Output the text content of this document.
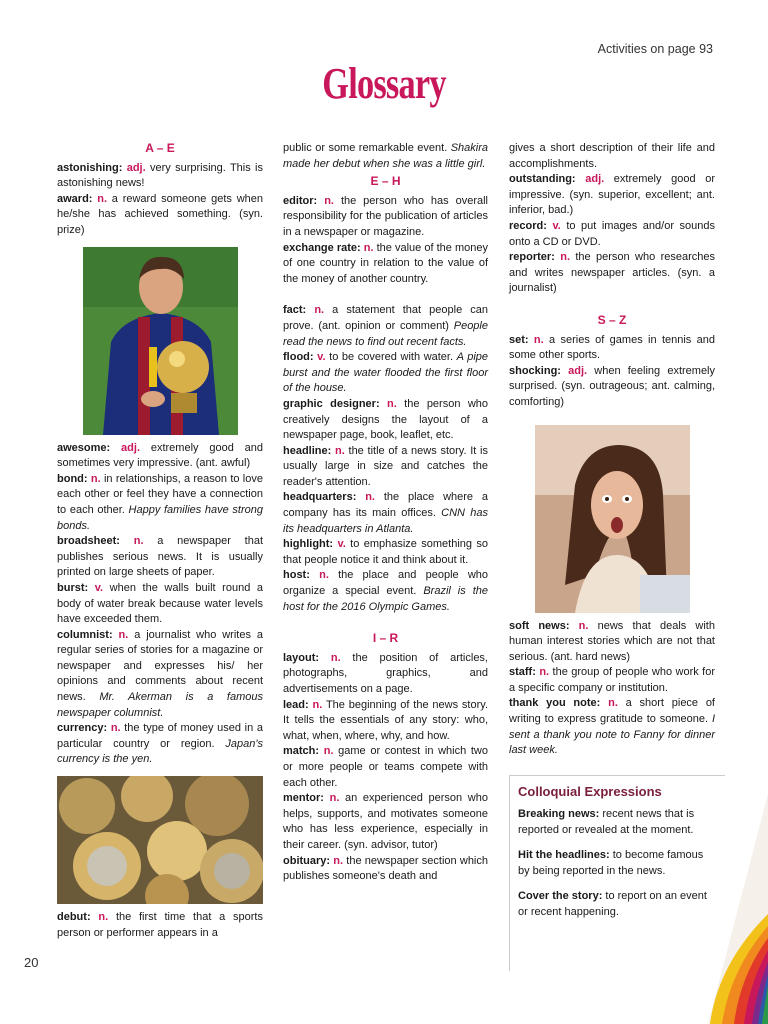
Activities on page 93
Glossary
A – E

astonishing: adj. very surprising. This is astonishing news!

award: n. a reward someone gets when he/she has achieved something. (syn. prize)

awesome: adj. extremely good and sometimes very impressive. (ant. awful)

bond: n. in relationships, a reason to love each other or feel they have a connection to each other. Happy families have strong bonds.

broadsheet: n. a newspaper that publishes serious news. It is usually printed on large sheets of paper.

burst: v. when the walls built round a body of water break because water levels have exceeded them.

columnist: n. a journalist who writes a regular series of stories for a magazine or newspaper and expresses his/ her opinions and comments about recent news. Mr. Akerman is a famous newspaper columnist.

currency: n. the type of money used in a particular country or region. Japan's currency is the yen.

debut: n. the first time that a sports person or performer appears in a

public or some remarkable event. Shakira made her debut when she was a little girl.

E – H

editor: n. the person who has overall responsibility for the publication of articles in a newspaper or magazine.

exchange rate: n. the value of the money of one country in relation to the value of the money of another country.

fact: n. a statement that people can prove. (ant. opinion or comment) People read the news to find out recent facts.

flood: v. to be covered with water. A pipe burst and the water flooded the first floor of the house.

graphic designer: n. the person who creatively designs the layout of a newspaper page, book, leaflet, etc.

headline: n. the title of a news story. It is usually large in size and catches the reader's attention.

headquarters: n. the place where a company has its main offices. CNN has its headquarters in Atlanta.

highlight: v. to emphasize something so that people notice it and think about it.

host: n. the place and people who organize a special event. Brazil is the host for the 2016 Olympic Games.

I – R

layout: n. the position of articles, photographs, graphics, and advertisements on a page.

lead: n. The beginning of the news story. It tells the essentials of any story: who, what, when, where, why, and how.

match: n. game or contest in which two or more people or teams compete with each other.

mentor: n. an experienced person who helps, supports, and motivates someone who has less experience, especially in their career. (syn. advisor, tutor)

obituary: n. the newspaper section which publishes someone's death and

gives a short description of their life and accomplishments.

outstanding: adj. extremely good or impressive. (syn. superior, excellent; ant. inferior, bad.)

record: v. to put images and/or sounds onto a CD or DVD.

reporter: n. the person who researches and writes newspaper articles. (syn. a journalist)

S – Z

set: n. a series of games in tennis and some other sports.

shocking: adj. when feeling extremely surprised. (syn. outrageous; ant. calming, comforting)

soft news: n. news that deals with human interest stories which are not that serious. (ant. hard news)

staff: n. the group of people who work for a specific company or institution.

thank you note: n. a short piece of writing to express gratitude to someone. I sent a thank you note to Fanny for dinner last week.

Colloquial Expressions

Breaking news: recent news that is reported or revealed at the moment.

Hit the headlines: to become famous by being reported in the news.

Cover the story: to report on an event or recent happening.

20
